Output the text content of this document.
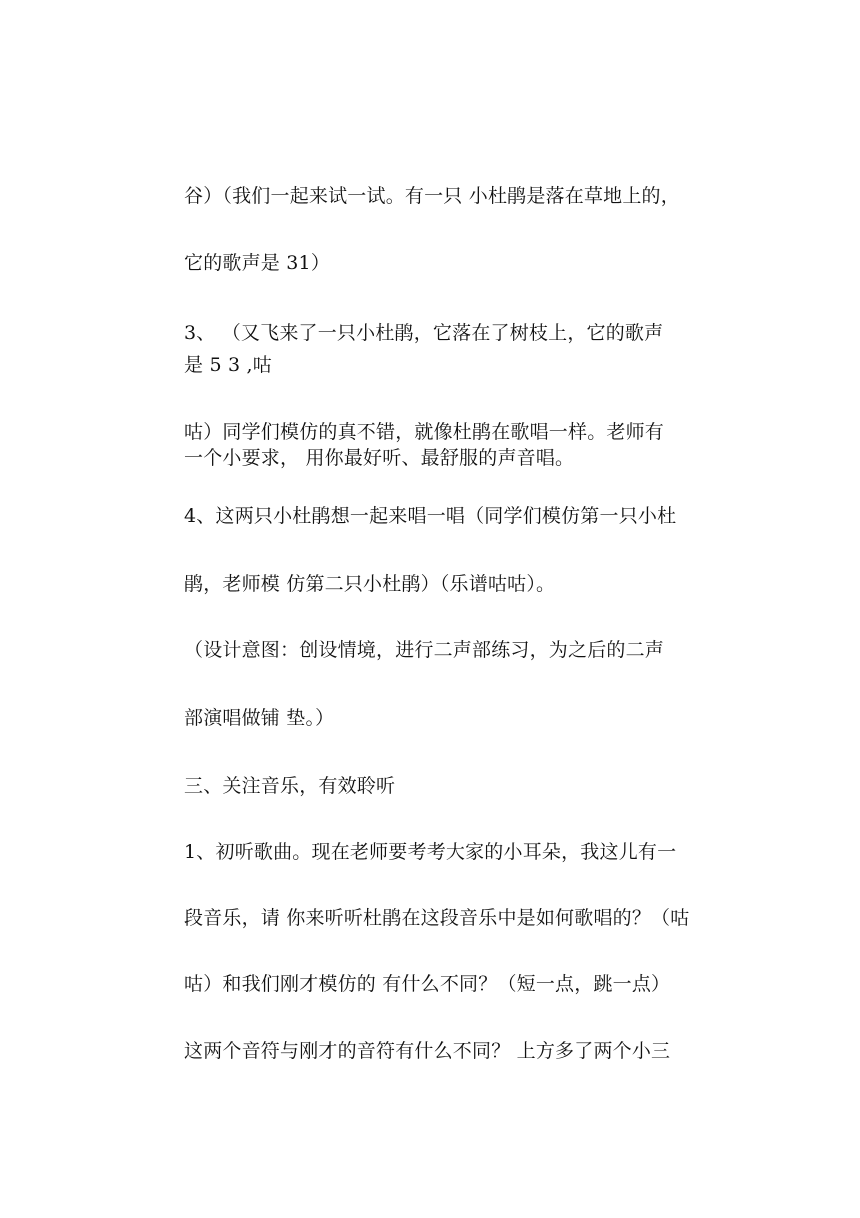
谷）（我们一起来试一试。有一只 小杜鹃是落在草地上的，

它的歌声是 31）

3、 （又飞来了一只小杜鹃，它落在了树枝上，它的歌声

是 5 3 ,咕

咕）同学们模仿的真不错，就像杜鹃在歌唱一样。老师有

一个小要求， 用你最好听、最舒服的声音唱。

4、这两只小杜鹃想一起来唱一唱（同学们模仿第一只小杜

鹃，老师模 仿第二只小杜鹃）（乐谱咕咕）。

（设计意图：创设情境，进行二声部练习，为之后的二声

部演唱做铺 垫。）

三、关注音乐，有效聆听

1、初听歌曲。现在老师要考考大家的小耳朵，我这儿有一

段音乐，请 你来听听杜鹃在这段音乐中是如何歌唱的？（咕

咕）和我们刚才模仿的 有什么不同？（短一点，跳一点）

这两个音符与刚才的音符有什么不同？ 上方多了两个小三
